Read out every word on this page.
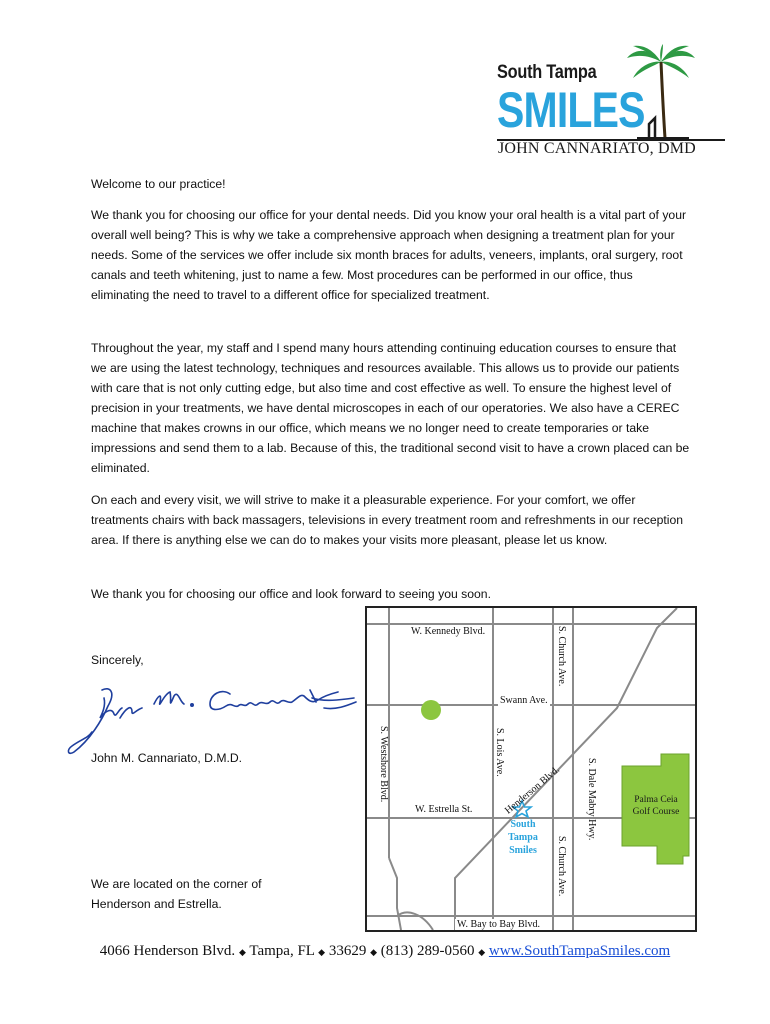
South Tampa
SMILES
JOHN CANNARIATO, DMD

Welcome to our practice!

We thank you for choosing our office for your dental needs. Did you know your oral health is a vital part of your overall well being? This is why we take a comprehensive approach when designing a treatment plan for your needs. Some of the services we offer include six month braces for adults, veneers, implants, oral surgery, root canals and teeth whitening, just to name a few. Most procedures can be performed in our office, thus eliminating the need to travel to a different office for specialized treatment.

Throughout the year, my staff and I spend many hours attending continuing education courses to ensure that we are using the latest technology, techniques and resources available. This allows us to provide our patients with care that is not only cutting edge, but also time and cost effective as well. To ensure the highest level of precision in your treatments, we have dental microscopes in each of our operatories. We also have a CEREC machine that makes crowns in our office, which means we no longer need to create temporaries or take impressions and send them to a lab. Because of this, the traditional second visit to have a crown placed can be eliminated.

On each and every visit, we will strive to make it a pleasurable experience. For your comfort, we offer treatments chairs with back massagers, televisions in every treatment room and refreshments in our reception area. If there is anything else we can do to makes your visits more pleasant, please let us know.

We thank you for choosing our office and look forward to seeing you soon.

Sincerely,

John M. Cannariato, D.M.D.

We are located on the corner of

Henderson and Estrella.

W. Kennedy Blvd.
Swann Ave.
W. Estrella St.
W. Bay to Bay Blvd.
S. Westshore Blvd.	S. Lois Ave.
S. Church Ave.
S. Church Ave.
S. Dale Mabry Hwy.
Henderson Blvd.
South
Tampa
Smiles
Palma Ceia
Golf Course
4066 Henderson Blvd. ◆ Tampa, FL ◆ 33629 ◆ (813) 289-0560 ◆ www.SouthTampaSmiles.com
